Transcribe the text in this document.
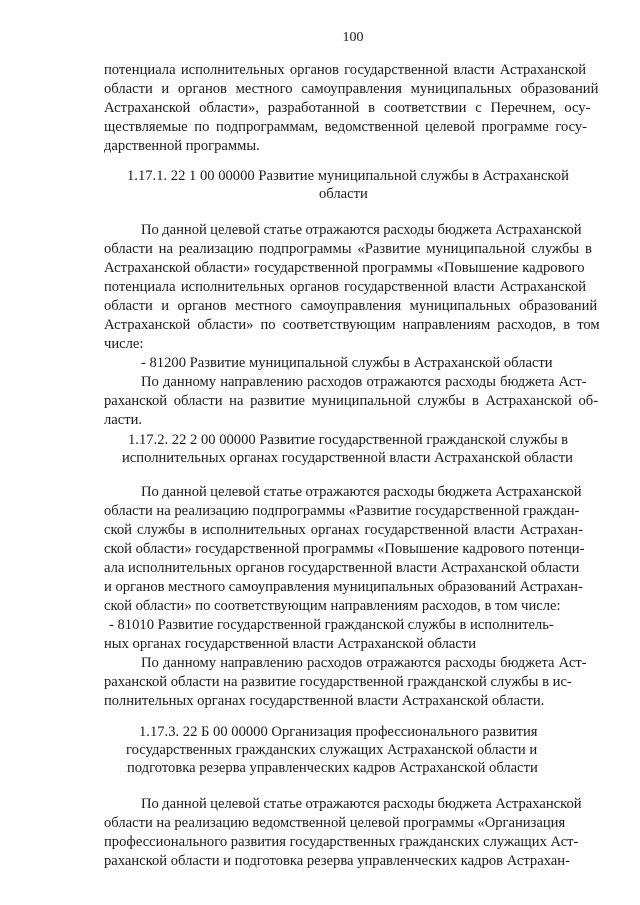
100
потенциала исполнительных органов государственной власти Астраханской
области и органов местного самоуправления муниципальных образований
Астраханской области», разработанной в соответствии с Перечнем, осу-
ществляемые по подпрограммам, ведомственной целевой программе госу-
дарственной программы.
1.17.1. 22 1 00 00000 Развитие муниципальной службы в Астраханской
области
По данной целевой статье отражаются расходы бюджета Астраханской
области на реализацию подпрограммы «Развитие муниципальной службы в
Астраханской области» государственной программы «Повышение кадрового
потенциала исполнительных органов государственной власти Астраханской
области и органов местного самоуправления муниципальных образований
Астраханской области» по соответствующим направлениям расходов, в том
числе:
- 81200 Развитие муниципальной службы в Астраханской области
По данному направлению расходов отражаются расходы бюджета Аст-
раханской области на развитие муниципальной службы в Астраханской об-
ласти.
1.17.2. 22 2 00 00000 Развитие государственной гражданской службы в
исполнительных органах государственной власти Астраханской области
По данной целевой статье отражаются расходы бюджета Астраханской
области на реализацию подпрограммы «Развитие государственной граждан-
ской службы в исполнительных органах государственной власти Астрахан-
ской области» государственной программы «Повышение кадрового потенци-
ала исполнительных органов государственной власти Астраханской области
и органов местного самоуправления муниципальных образований Астрахан-
ской области» по соответствующим направлениям расходов, в том числе:
- 81010 Развитие государственной гражданской службы в исполнитель-
ных органах государственной власти Астраханской области
По данному направлению расходов отражаются расходы бюджета Аст-
раханской области на развитие государственной гражданской службы в ис-
полнительных органах государственной власти Астраханской области.
1.17.3. 22 Б 00 00000 Организация профессионального развития
государственных гражданских служащих Астраханской области и
подготовка резерва управленческих кадров Астраханской области
По данной целевой статье отражаются расходы бюджета Астраханской
области на реализацию ведомственной целевой программы «Организация
профессионального развития государственных гражданских служащих Аст-
раханской области и подготовка резерва управленческих кадров Астрахан-
